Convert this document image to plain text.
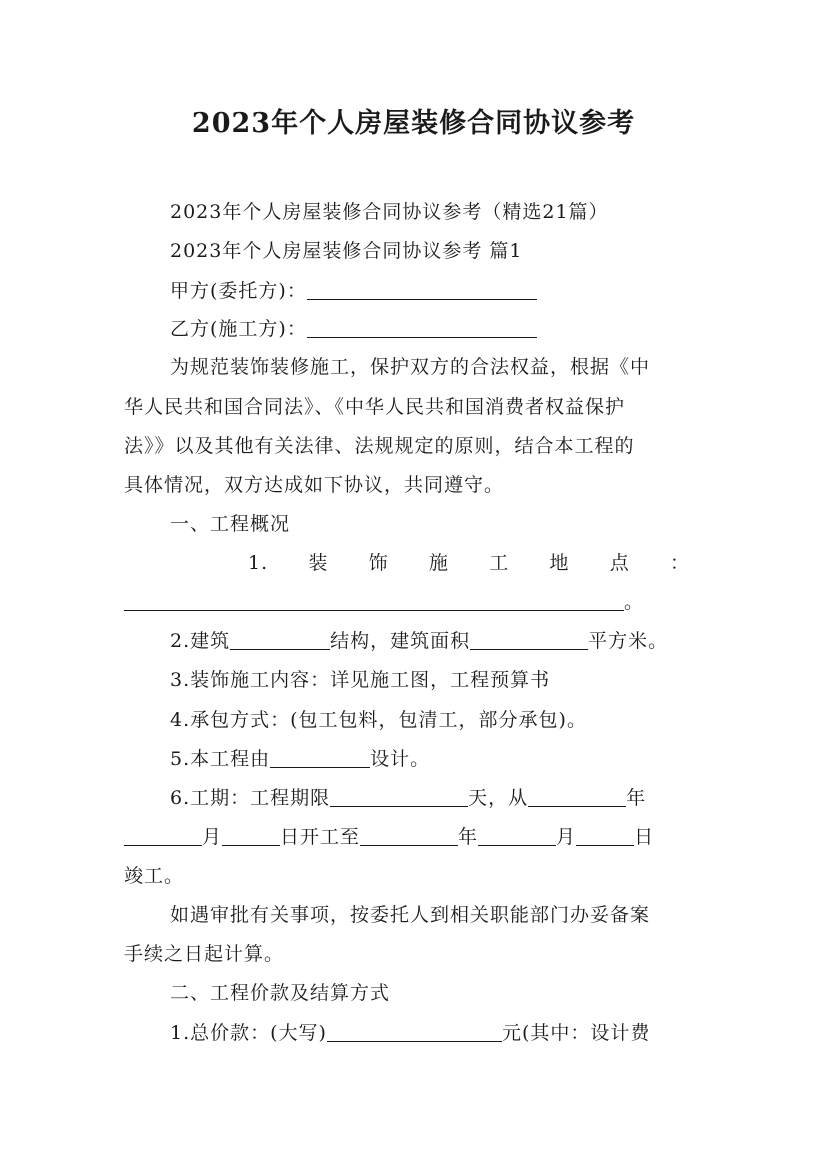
2023年个人房屋装修合同协议参考
2023年个人房屋装修合同协议参考（精选21篇）
2023年个人房屋装修合同协议参考 篇1
甲方(委托方)：
乙方(施工方)：
为规范装饰装修施工，保护双方的合法权益，根据《中
华人民共和国合同法》、《中华人民共和国消费者权益保护
法》》以及其他有关法律、法规规定的原则，结合本工程的
具体情况，双方达成如下协议，共同遵守。
一、工程概况
1. 装 饰 施 工 地 点 ：
。
2.建筑	结构，建筑面积	平方米。
3.装饰施工内容：详见施工图，工程预算书
4.承包方式：(包工包料，包清工，部分承包)。
5.本工程由	设计。
6.工期：工程期限	天，从	年
月	日开工至	年	月	日
竣工。
如遇审批有关事项，按委托人到相关职能部门办妥备案
手续之日起计算。
二、工程价款及结算方式
1.总价款：(大写)	元(其中：设计费
